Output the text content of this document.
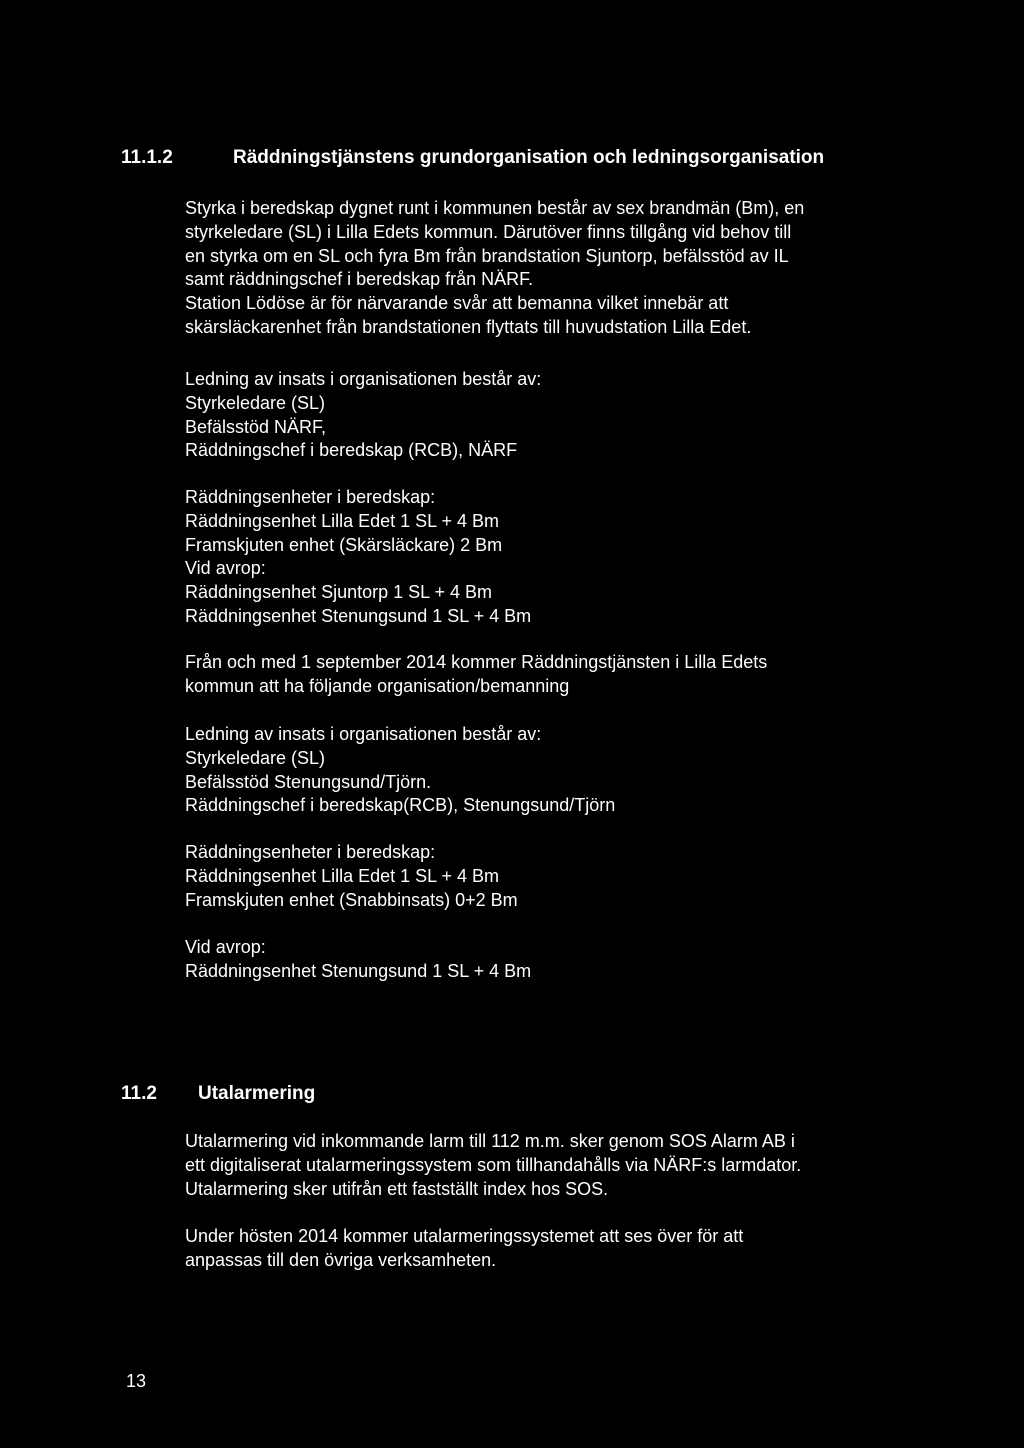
11.1.2	Räddningstjänstens grundorganisation och ledningsorganisation
Styrka i beredskap dygnet runt i kommunen består av sex brandmän (Bm), en
styrkeledare (SL) i Lilla Edets kommun. Därutöver finns tillgång vid behov till
en styrka om en SL och fyra Bm från brandstation Sjuntorp, befälsstöd av IL
samt räddningschef i beredskap från NÄRF.
Station Lödöse är för närvarande svår att bemanna vilket innebär att
skärsläckarenhet från brandstationen flyttats till huvudstation Lilla Edet.
Ledning av insats i organisationen består av:
Styrkeledare (SL)
Befälsstöd NÄRF,
Räddningschef i beredskap (RCB), NÄRF
Räddningsenheter i beredskap:
Räddningsenhet Lilla Edet 1 SL + 4 Bm
Framskjuten enhet (Skärsläckare) 2 Bm
Vid avrop:
Räddningsenhet Sjuntorp 1 SL + 4 Bm
Räddningsenhet Stenungsund 1 SL + 4 Bm
Från och med 1 september 2014 kommer Räddningstjänsten i Lilla Edets
kommun att ha följande organisation/bemanning
Ledning av insats i organisationen består av:
Styrkeledare (SL)
Befälsstöd Stenungsund/Tjörn.
Räddningschef i beredskap(RCB), Stenungsund/Tjörn
Räddningsenheter i beredskap:
Räddningsenhet Lilla Edet 1 SL + 4 Bm
Framskjuten enhet (Snabbinsats) 0+2 Bm
Vid avrop:
Räddningsenhet Stenungsund 1 SL + 4 Bm
11.2 Utalarmering
Utalarmering vid inkommande larm till 112 m.m. sker genom SOS Alarm AB i
ett digitaliserat utalarmeringssystem som tillhandahålls via NÄRF:s larmdator.
Utalarmering sker utifrån ett fastställt index hos SOS.
Under hösten 2014 kommer utalarmeringssystemet att ses över för att
anpassas till den övriga verksamheten.
13
